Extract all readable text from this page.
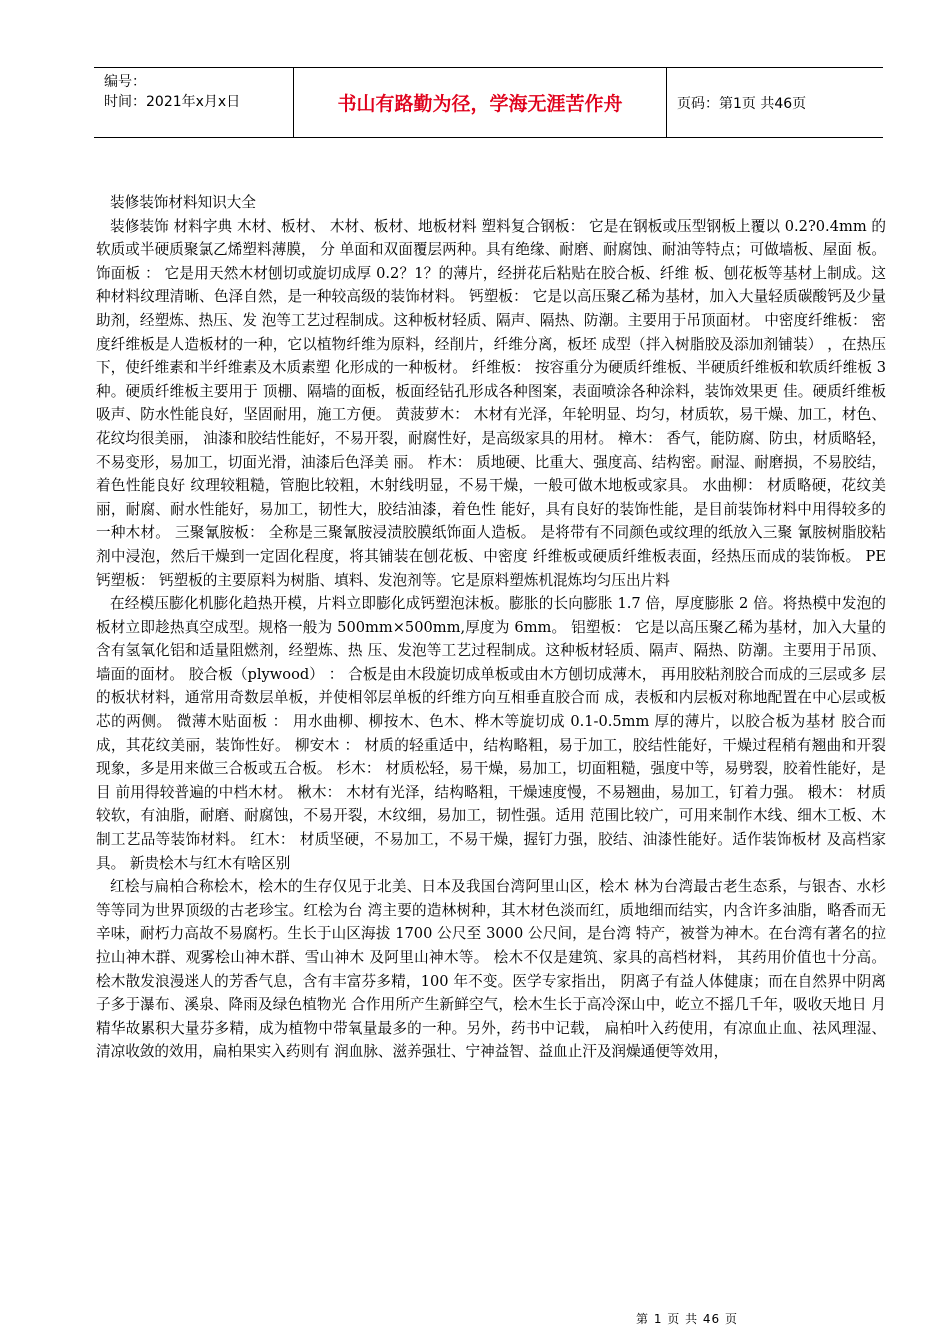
编号：
时间：2021年x月x日	书山有路勤为径，学海无涯苦作舟	页码：第1页 共46页

装修装饰材料知识大全

装修装饰 材料字典 木材、板材、 木材、板材、地板材料 塑料复合钢板： 它是在钢板或压型钢板上覆以 0.2?0.4mm 的软质或半硬质聚氯乙烯塑料薄膜， 分 单面和双面覆层两种。具有绝缘、耐磨、耐腐蚀、耐油等特点；可做墙板、屋面 板。 饰面板 ： 它是用天然木材刨切或旋切成厚 0.2？1？的薄片，经拼花后粘贴在胶合板、纤维 板、刨花板等基材上制成。这种材料纹理清晰、色泽自然，是一种较高级的装饰材料。 钙塑板： 它是以高压聚乙稀为基材，加入大量轻质碳酸钙及少量助剂，经塑炼、热压、发 泡等工艺过程制成。这种板材轻质、隔声、隔热、防潮。主要用于吊顶面材。 中密度纤维板： 密度纤维板是人造板材的一种，它以植物纤维为原料，经削片，纤维分离，板坯 成型（拌入树脂胶及添加剂铺装） ，在热压下，使纤维素和半纤维素及木质素塑 化形成的一种板材。 纤维板： 按容重分为硬质纤维板、半硬质纤维板和软质纤维板 3 种。硬质纤维板主要用于 顶棚、隔墙的面板，板面经钻孔形成各种图案，表面喷涂各种涂料，装饰效果更 佳。硬质纤维板吸声、防水性能良好，坚固耐用，施工方便。 黄菠萝木： 木材有光泽，年轮明显、均匀，材质软，易干燥、加工，材色、花纹均很美丽， 油漆和胶结性能好，不易开裂，耐腐性好，是高级家具的用材。 樟木： 香气，能防腐、防虫，材质略轻，不易变形，易加工，切面光滑，油漆后色泽美 丽。 柞木： 质地硬、比重大、强度高、结构密。耐湿、耐磨损，不易胶结，着色性能良好 纹理较粗糙，管胞比较粗，木射线明显，不易干燥，一般可做木地板或家具。 水曲柳： 材质略硬，花纹美丽，耐腐、耐水性能好，易加工，韧性大，胶结油漆，着色性 能好，具有良好的装饰性能，是目前装饰材料中用得较多的一种木材。 三聚氰胺板： 全称是三聚氰胺浸渍胶膜纸饰面人造板。 是将带有不同颜色或纹理的纸放入三聚 氰胺树脂胶粘剂中浸泡，然后干燥到一定固化程度，将其铺装在刨花板、中密度 纤维板或硬质纤维板表面，经热压而成的装饰板。 PE 钙塑板： 钙塑板的主要原料为树脂、填料、发泡剂等。它是原料塑炼机混炼均匀压出片料

在经模压膨化机膨化趋热开模，片料立即膨化成钙塑泡沫板。膨胀的长向膨胀 1.7 倍，厚度膨胀 2 倍。将热模中发泡的板材立即趁热真空成型。规格一般为 500mm×500mm,厚度为 6mm。 铝塑板： 它是以高压聚乙稀为基材，加入大量的含有氢氧化铝和适量阻燃剂，经塑炼、热 压、发泡等工艺过程制成。这种板材轻质、隔声、隔热、防潮。主要用于吊顶、 墙面的面材。 胶合板（plywood） ： 合板是由木段旋切成单板或由木方刨切成薄木， 再用胶粘剂胶合而成的三层或多 层的板状材料，通常用奇数层单板，并使相邻层单板的纤维方向互相垂直胶合而 成，表板和内层板对称地配置在中心层或板芯的两侧。 微薄木贴面板 ： 用水曲柳、柳按木、色木、桦木等旋切成 0.1-0.5mm 厚的薄片，以胶合板为基材 胶合而成，其花纹美丽，装饰性好。 柳安木 ： 材质的轻重适中，结构略粗，易于加工，胶结性能好，干燥过程稍有翘曲和开裂 现象，多是用来做三合板或五合板。 杉木： 材质松轻，易干燥，易加工，切面粗糙，强度中等，易劈裂，胶着性能好，是目 前用得较普遍的中档木材。 楸木： 木材有光泽，结构略粗，干燥速度慢，不易翘曲，易加工，钉着力强。 椴木： 材质较软，有油脂，耐磨、耐腐蚀，不易开裂，木纹细，易加工，韧性强。适用 范围比较广，可用来制作木线、细木工板、木制工艺品等装饰材料。 红木： 材质坚硬，不易加工，不易干燥，握钉力强，胶结、油漆性能好。适作装饰板材 及高档家具。 新贵桧木与红木有啥区别

红桧与扁柏合称桧木，桧木的生存仅见于北美、日本及我国台湾阿里山区，桧木 林为台湾最古老生态系，与银杏、水杉等等同为世界顶级的古老珍宝。红桧为台 湾主要的造林树种，其木材色淡而红，质地细而结实，内含许多油脂，略香而无 辛味，耐朽力高故不易腐朽。生长于山区海拔 1700 公尺至 3000 公尺间，是台湾 特产，被誉为神木。在台湾有著名的拉拉山神木群、观雾桧山神木群、雪山神木 及阿里山神木等。 桧木不仅是建筑、家具的高档材料， 其药用价值也十分高。 桧木散发浪漫迷人的芳香气息，含有丰富芬多精，100 年不变。医学专家指出， 阴离子有益人体健康；而在自然界中阴离子多于瀑布、溪泉、降雨及绿色植物光 合作用所产生新鲜空气，桧木生长于高冷深山中，屹立不摇几千年，吸收天地日 月精华故累积大量芬多精，成为植物中带氧量最多的一种。另外，药书中记载， 扁柏叶入药使用，有凉血止血、祛风理湿、清凉收敛的效用，扁柏果实入药则有 润血脉、滋养强壮、宁神益智、益血止汗及润燥通便等效用，

第 1 页 共 46 页
